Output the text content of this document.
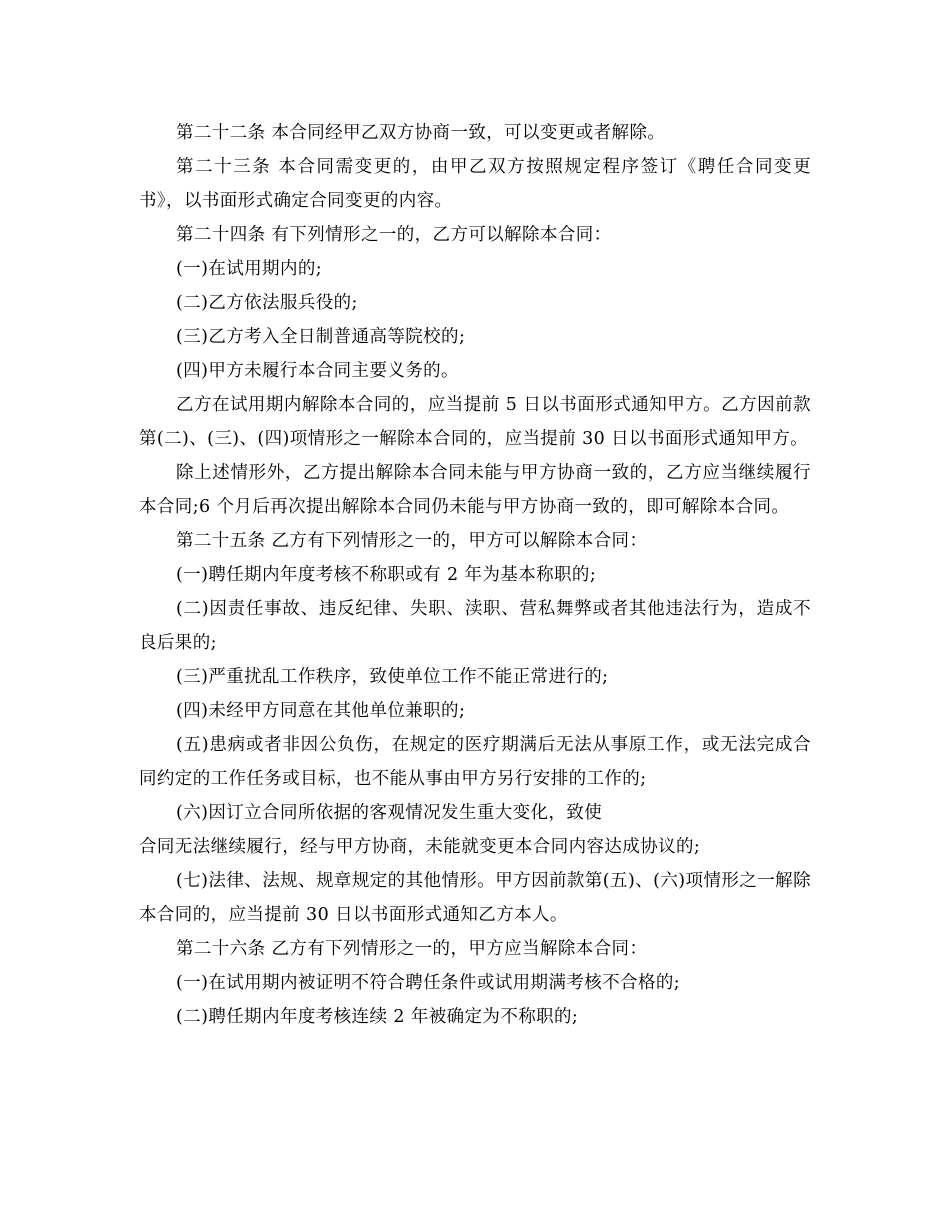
第二十二条 本合同经甲乙双方协商一致，可以变更或者解除。

第二十三条 本合同需变更的，由甲乙双方按照规定程序签订《聘任合同变更书》，以书面形式确定合同变更的内容。

第二十四条 有下列情形之一的，乙方可以解除本合同：

(一)在试用期内的;

(二)乙方依法服兵役的;

(三)乙方考入全日制普通高等院校的;

(四)甲方未履行本合同主要义务的。

乙方在试用期内解除本合同的，应当提前 5 日以书面形式通知甲方。乙方因前款第(二)、(三)、(四)项情形之一解除本合同的，应当提前 30 日以书面形式通知甲方。

除上述情形外，乙方提出解除本合同未能与甲方协商一致的，乙方应当继续履行本合同;6 个月后再次提出解除本合同仍未能与甲方协商一致的，即可解除本合同。

第二十五条 乙方有下列情形之一的，甲方可以解除本合同：

(一)聘任期内年度考核不称职或有 2 年为基本称职的;

(二)因责任事故、违反纪律、失职、渎职、营私舞弊或者其他违法行为，造成不良后果的;

(三)严重扰乱工作秩序，致使单位工作不能正常进行的;

(四)未经甲方同意在其他单位兼职的;

(五)患病或者非因公负伤，在规定的医疗期满后无法从事原工作，或无法完成合同约定的工作任务或目标，也不能从事由甲方另行安排的工作的;

(六)因订立合同所依据的客观情况发生重大变化，致使

合同无法继续履行，经与甲方协商，未能就变更本合同内容达成协议的;

(七)法律、法规、规章规定的其他情形。甲方因前款第(五)、(六)项情形之一解除本合同的，应当提前 30 日以书面形式通知乙方本人。

第二十六条 乙方有下列情形之一的，甲方应当解除本合同：

(一)在试用期内被证明不符合聘任条件或试用期满考核不合格的;

(二)聘任期内年度考核连续 2 年被确定为不称职的;
